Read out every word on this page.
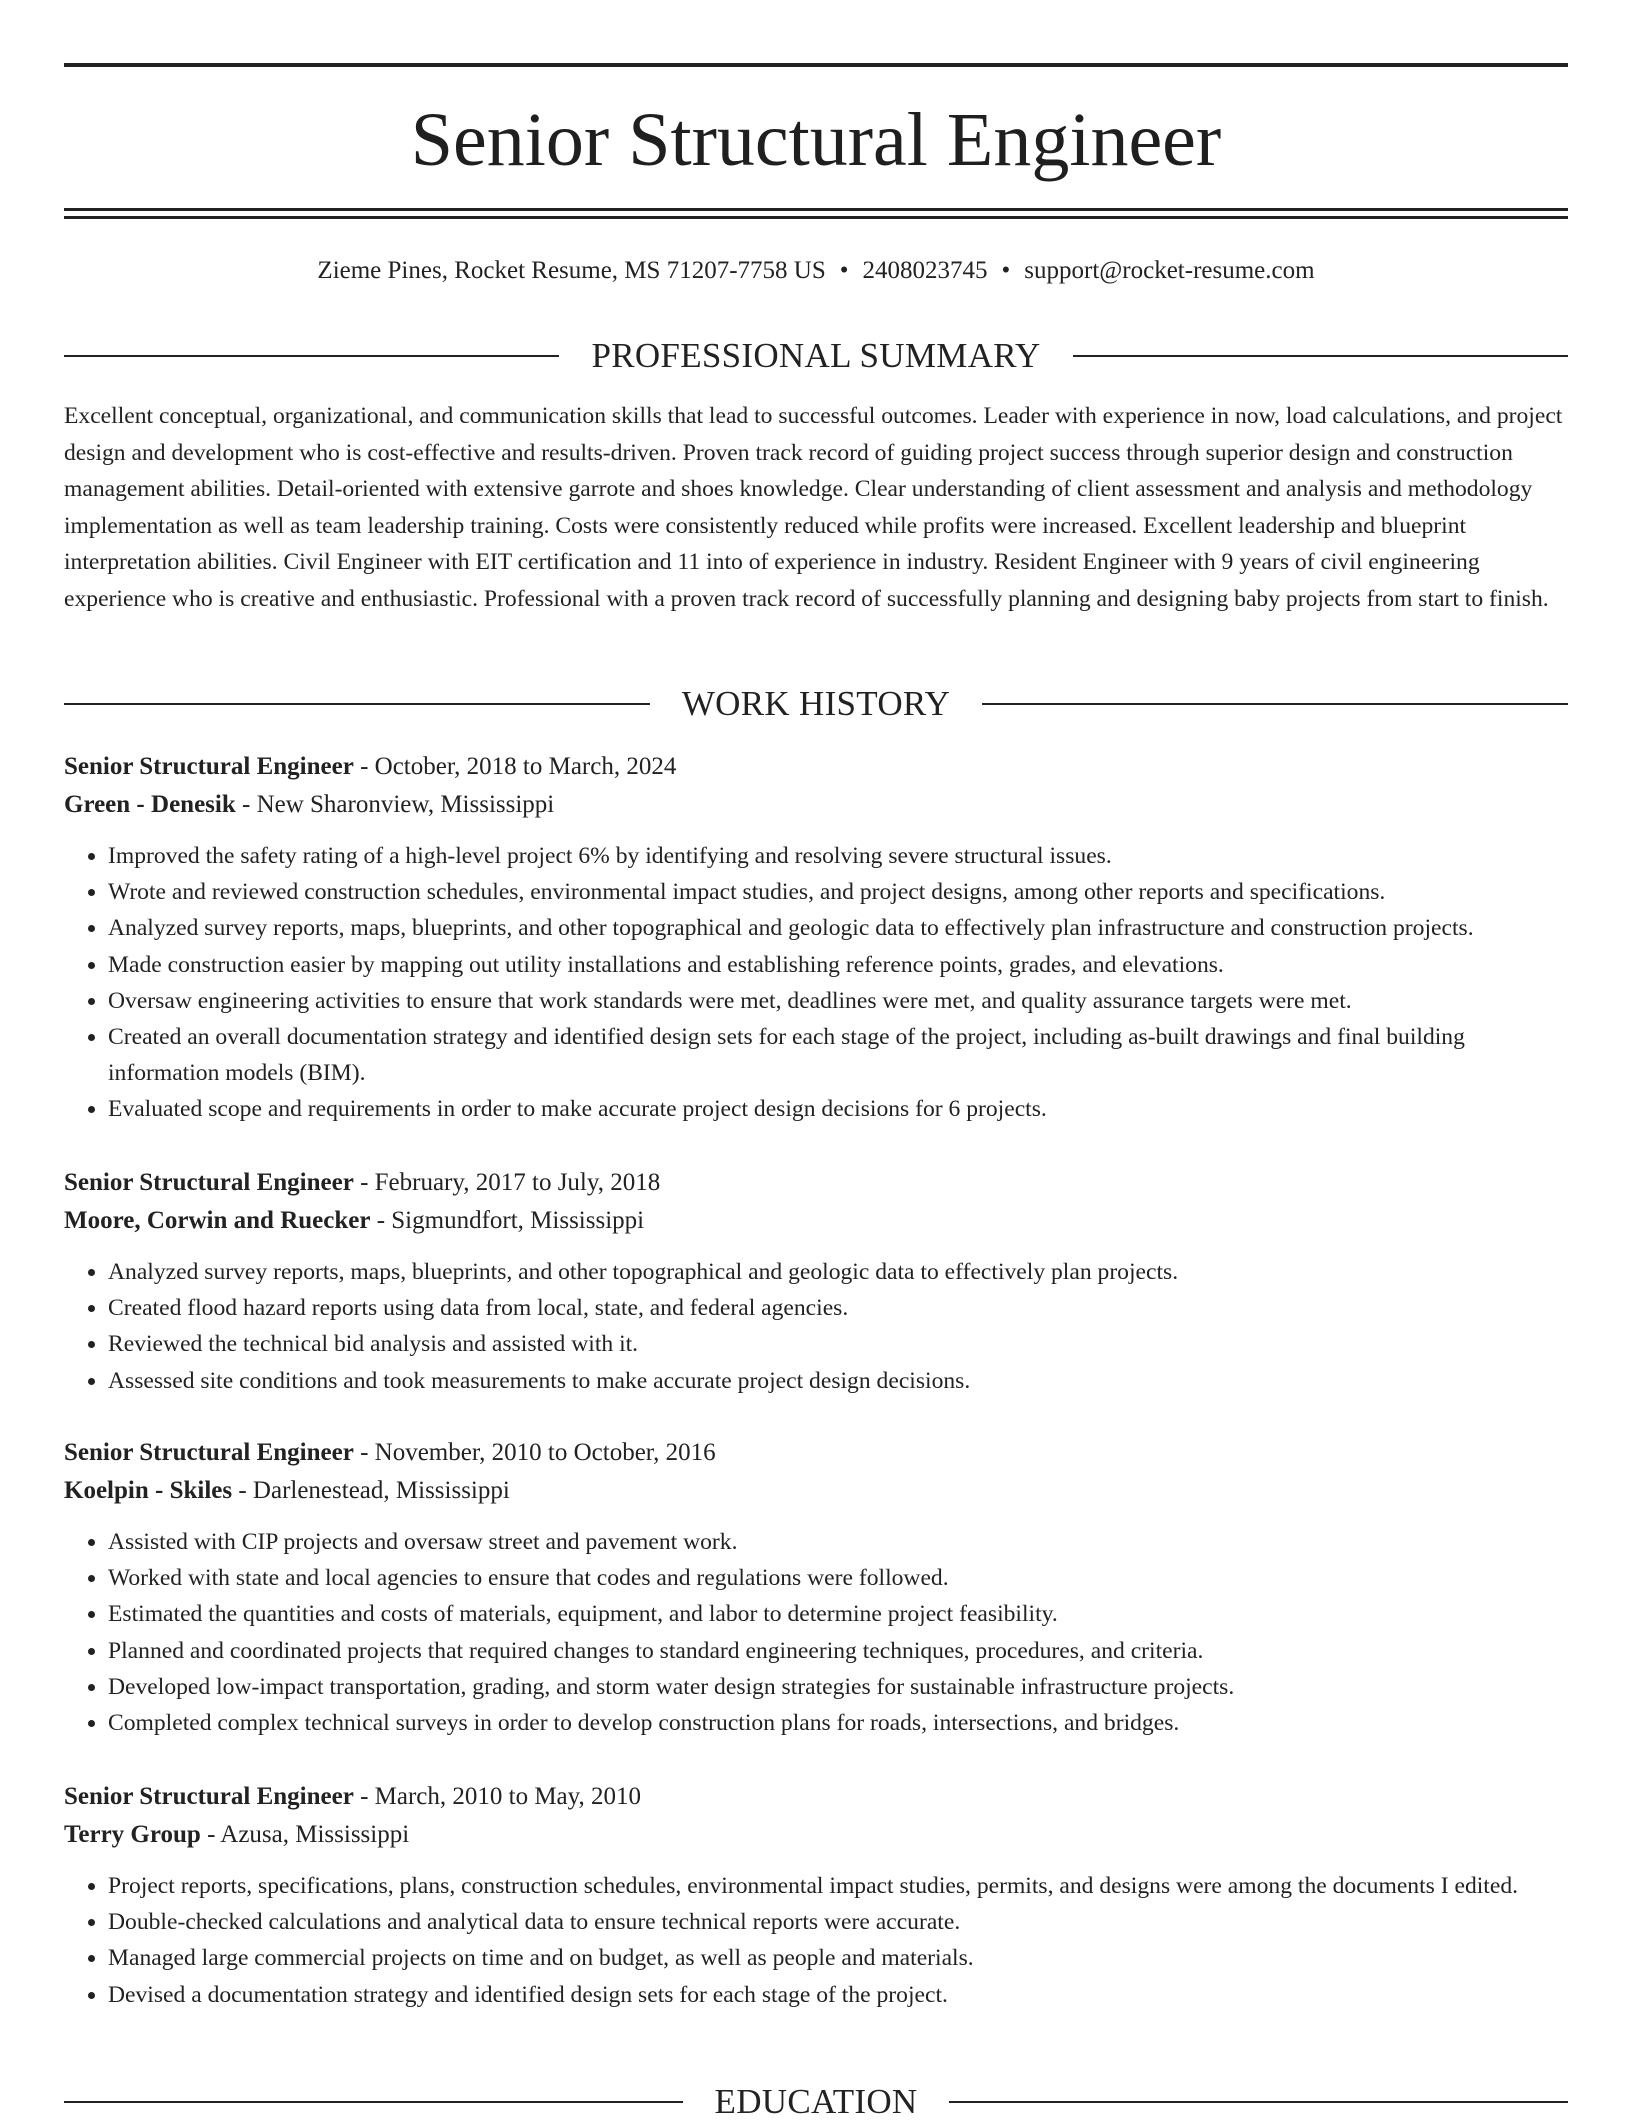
Senior Structural Engineer
Zieme Pines, Rocket Resume, MS 71207-7758 US • 2408023745 • support@rocket-resume.com
PROFESSIONAL SUMMARY

Excellent conceptual, organizational, and communication skills that lead to successful outcomes. Leader with experience in now, load calculations, and project design and development who is cost-effective and results-driven. Proven track record of guiding project success through superior design and construction management abilities. Detail-oriented with extensive garrote and shoes knowledge. Clear understanding of client assessment and analysis and methodology implementation as well as team leadership training. Costs were consistently reduced while profits were increased. Excellent leadership and blueprint interpretation abilities. Civil Engineer with EIT certification and 11 into of experience in industry. Resident Engineer with 9 years of civil engineering experience who is creative and enthusiastic. Professional with a proven track record of successfully planning and designing baby projects from start to finish.

WORK HISTORY

Senior Structural Engineer - October, 2018 to March, 2024

Green - Denesik - New Sharonview, Mississippi

• Improved the safety rating of a high-level project 6% by identifying and resolving severe structural issues.
• Wrote and reviewed construction schedules, environmental impact studies, and project designs, among other reports and specifications.
• Analyzed survey reports, maps, blueprints, and other topographical and geologic data to effectively plan infrastructure and construction projects.
• Made construction easier by mapping out utility installations and establishing reference points, grades, and elevations.
• Oversaw engineering activities to ensure that work standards were met, deadlines were met, and quality assurance targets were met.
• Created an overall documentation strategy and identified design sets for each stage of the project, including as-built drawings and final building information models (BIM).
• Evaluated scope and requirements in order to make accurate project design decisions for 6 projects.

Senior Structural Engineer - February, 2017 to July, 2018

Moore, Corwin and Ruecker - Sigmundfort, Mississippi

• Analyzed survey reports, maps, blueprints, and other topographical and geologic data to effectively plan projects.
• Created flood hazard reports using data from local, state, and federal agencies.
• Reviewed the technical bid analysis and assisted with it.
• Assessed site conditions and took measurements to make accurate project design decisions.

Senior Structural Engineer - November, 2010 to October, 2016

Koelpin - Skiles - Darlenestead, Mississippi

• Assisted with CIP projects and oversaw street and pavement work.
• Worked with state and local agencies to ensure that codes and regulations were followed.
• Estimated the quantities and costs of materials, equipment, and labor to determine project feasibility.
• Planned and coordinated projects that required changes to standard engineering techniques, procedures, and criteria.
• Developed low-impact transportation, grading, and storm water design strategies for sustainable infrastructure projects.
• Completed complex technical surveys in order to develop construction plans for roads, intersections, and bridges.

Senior Structural Engineer - March, 2010 to May, 2010

Terry Group - Azusa, Mississippi

• Project reports, specifications, plans, construction schedules, environmental impact studies, permits, and designs were among the documents I edited.
• Double-checked calculations and analytical data to ensure technical reports were accurate.
• Managed large commercial projects on time and on budget, as well as people and materials.
• Devised a documentation strategy and identified design sets for each stage of the project.
EDUCATION
